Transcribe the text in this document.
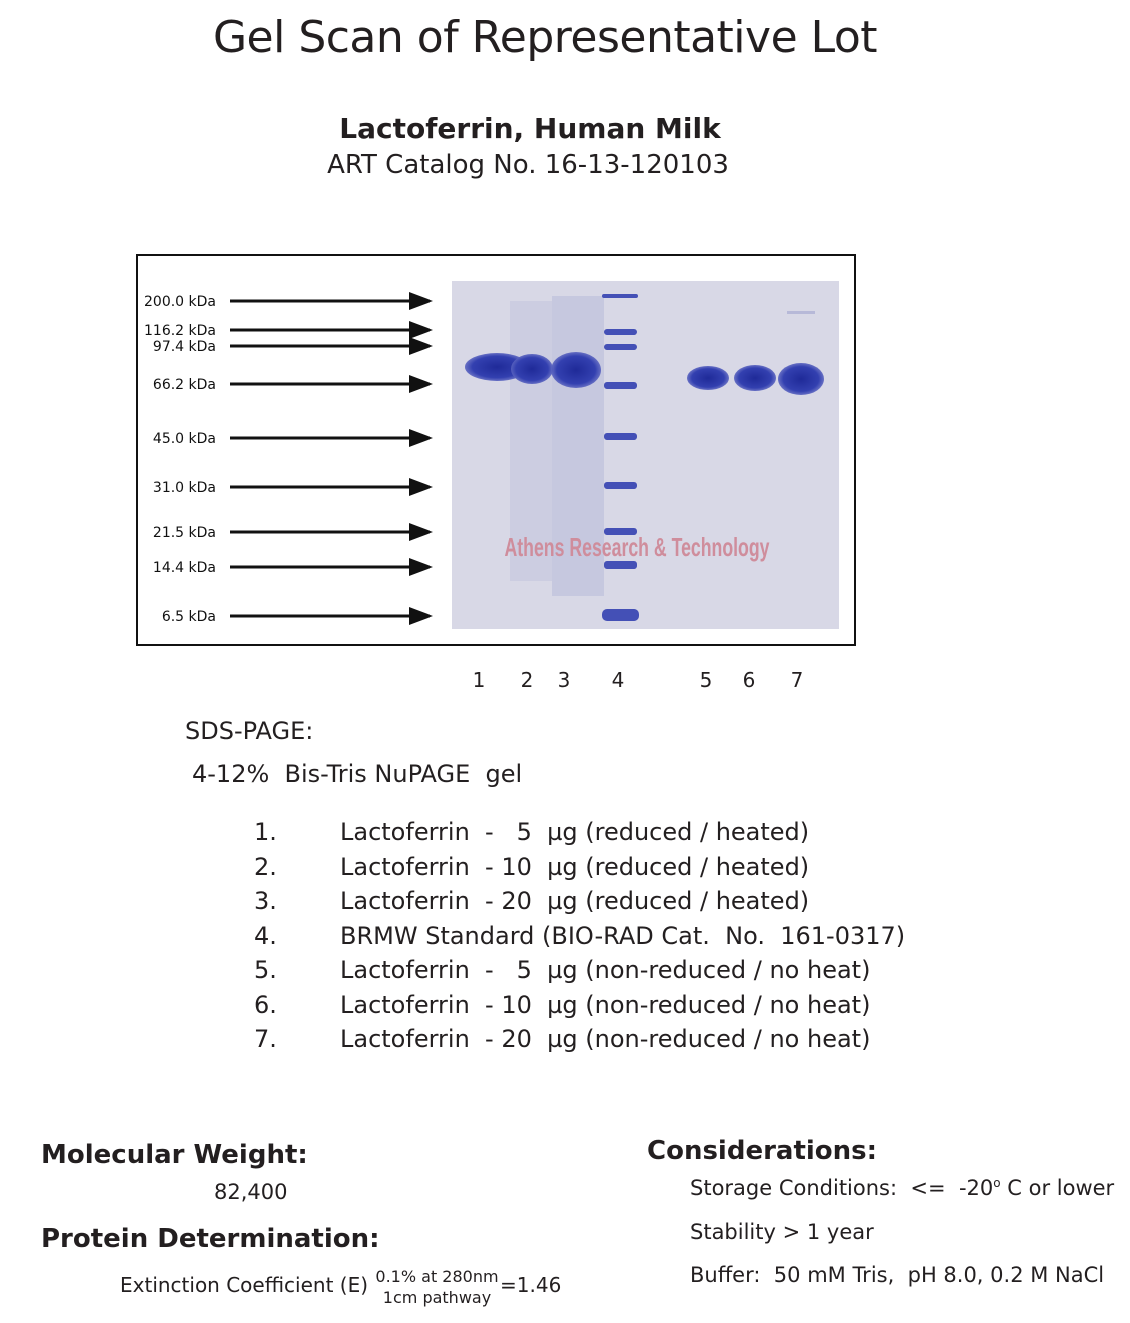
Gel Scan of Representative Lot
Lactoferrin, Human Milk
ART Catalog No. 16-13-120103
200.0 kDa
116.2 kDa
97.4 kDa
66.2 kDa
45.0 kDa
31.0 kDa
21.5 kDa
14.4 kDa
6.5 kDa
Athens Research & Technology
1 2 3 4	5 6 7
SDS-PAGE:
4-12%  Bis-Tris NuPAGE  gel
1.	Lactoferrin  -   5  µg (reduced / heated)
2.	Lactoferrin  - 10  µg (reduced / heated)
3.	Lactoferrin  - 20  µg (reduced / heated)
4.	BRMW Standard (BIO-RAD Cat.  No.  161-0317)
5.	Lactoferrin  -   5  µg (non-reduced / no heat)
6.	Lactoferrin  - 10  µg (non-reduced / no heat)
7.	Lactoferrin  - 20  µg (non-reduced / no heat)
Molecular Weight:
82,400
Protein Determination:
Extinction Coefficient (E) 0.1% at 280nm
1cm pathway
=1.46
Considerations:
Storage Conditions:  <=  -20$^o$ C or lower
Stability > 1 year
Buffer:  50 mM Tris,  pH 8.0, 0.2 M NaCl
